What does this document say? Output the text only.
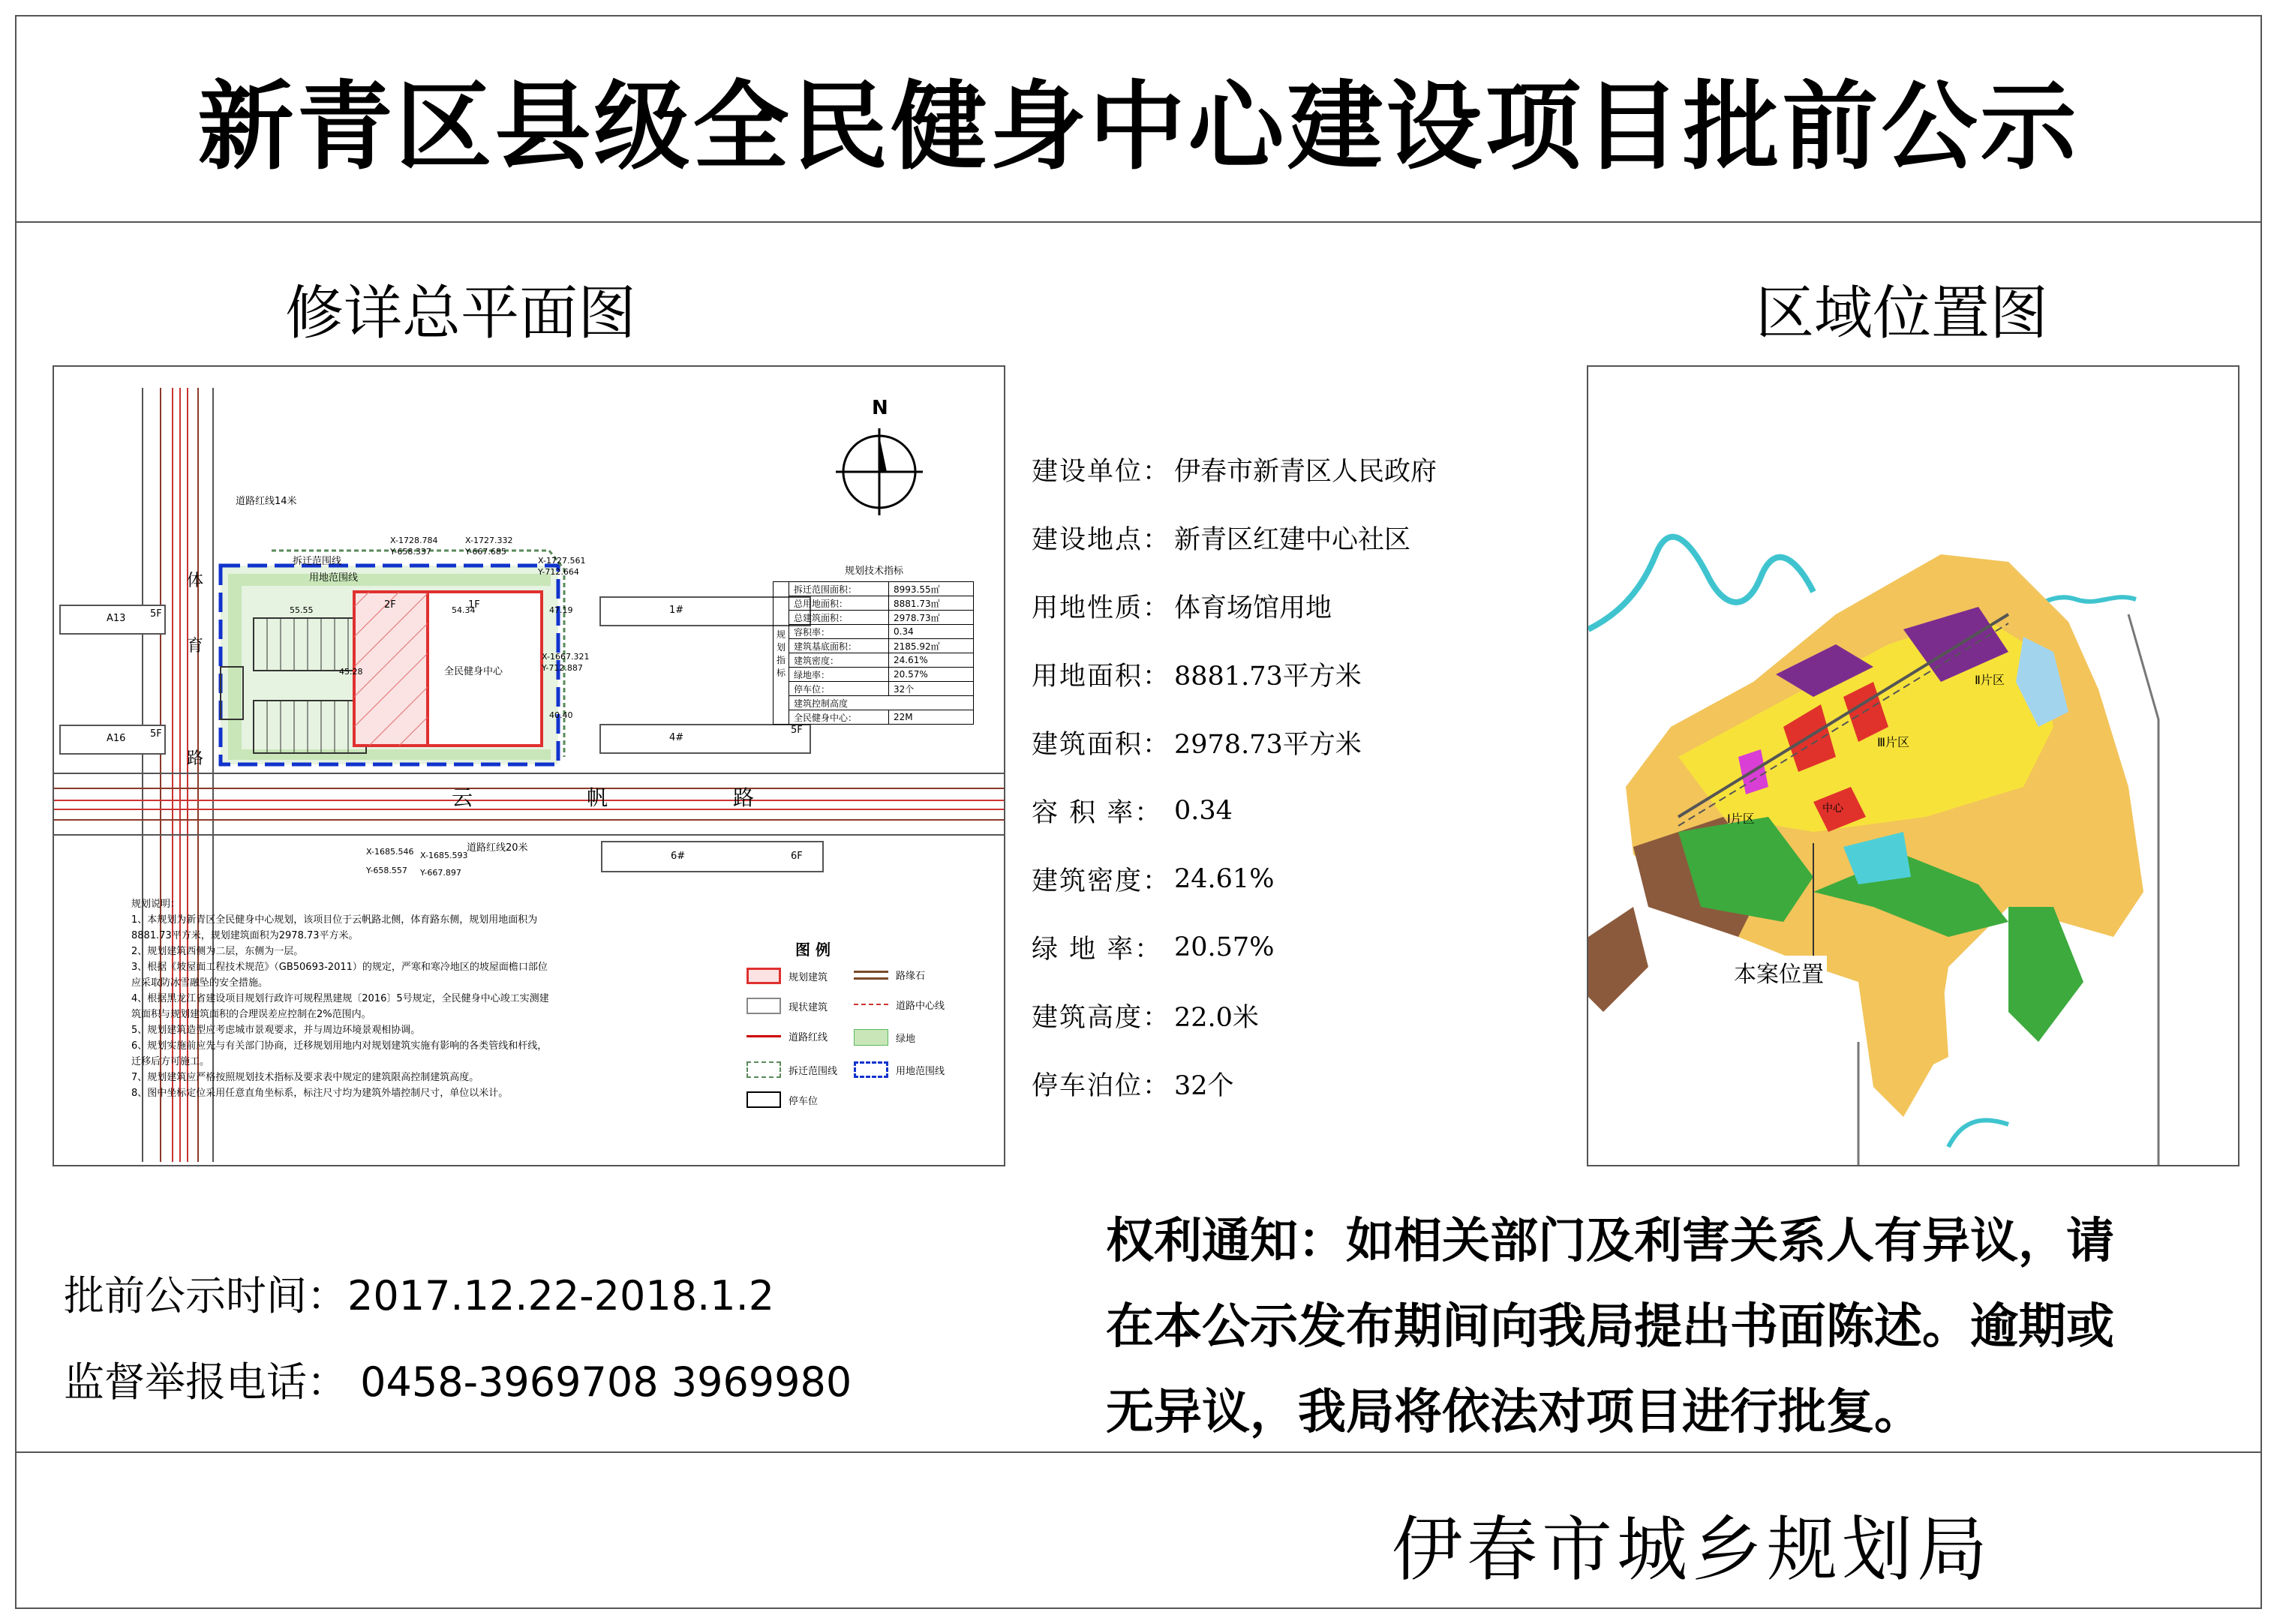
新青区县级全民健身中心建设项目批前公示
修详总平面图	区域位置图
N
道路红线14米
拆迁范围线
用地范围线
道路红线20米
体
育
路
云	帆	路
A13
A16
5F
5F
1#
4#
6#
5F
6F
2F	1F
全民健身中心
X-1728.784
Y-658.337
X-1727.332
Y-667.685
X-1727.561
Y-712.664
X-1667.321
Y-712.887
X-1685.546
Y-658.557
X-1685.593
Y-667.897
55.55	54.34	47.19
45.28
40.40
规划技术指标
规划指标	拆迁范围面积：	8993.55㎡
	总用地面积：	8881.73㎡
	总建筑面积：	2978.73㎡
	容积率：	0.34
	建筑基底面积：	2185.92㎡
	建筑密度：	24.61%
	绿地率：	20.57%
	停车位：	32个
	建筑控制高度	
	全民健身中心：	22M
规划说明：
1、本规划为新青区全民健身中心规划，该项目位于云帆路北侧，体育路东侧，规划用地面积为8881.73平方米，规划建筑面积为2978.73平方米。
2、规划建筑西侧为二层，东侧为一层。
3、根据《坡屋面工程技术规范》（GB50693-2011）的规定，严寒和寒冷地区的坡屋面檐口部位应采取防冰雪融坠的安全措施。
4、根据黑龙江省建设项目规划行政许可规程黑建规〔2016〕5号规定，全民健身中心竣工实测建筑面积与规划建筑面积的合理误差应控制在2%范围内。
5、规划建筑造型应考虑城市景观要求，并与周边环境景观相协调。
6、规划实施前应先与有关部门协商，迁移规划用地内对规划建筑实施有影响的各类管线和杆线，迁移后方可施工。
7、规划建筑应严格按照规划技术指标及要求表中规定的建筑限高控制建筑高度。
8、图中坐标定位采用任意直角坐标系，标注尺寸均为建筑外墙控制尺寸，单位以米计。
图 例
规划建筑	路缘石
现状建筑	道路中心线
道路红线	绿地
拆迁范围线	用地范围线
停车位
建设单位： 伊春市新青区人民政府
建设地点： 新青区红建中心社区
用地性质： 体育场馆用地
用地面积： 8881.73平方米
建筑面积： 2978.73平方米
容 积 率： 0.34
建筑密度： 24.61%
绿 地 率： 20.57%
建筑高度： 22.0米
停车泊位： 32个
Ⅱ片区
Ⅲ片区
Ⅰ片区
中心
本案位置
批前公示时间：2017.12.22-2018.1.2
监督举报电话： 0458-3969708 3969980
权利通知：如相关部门及利害关系人有异议，请
在本公示发布期间向我局提出书面陈述。逾期或
无异议，我局将依法对项目进行批复。
伊春市城乡规划局
